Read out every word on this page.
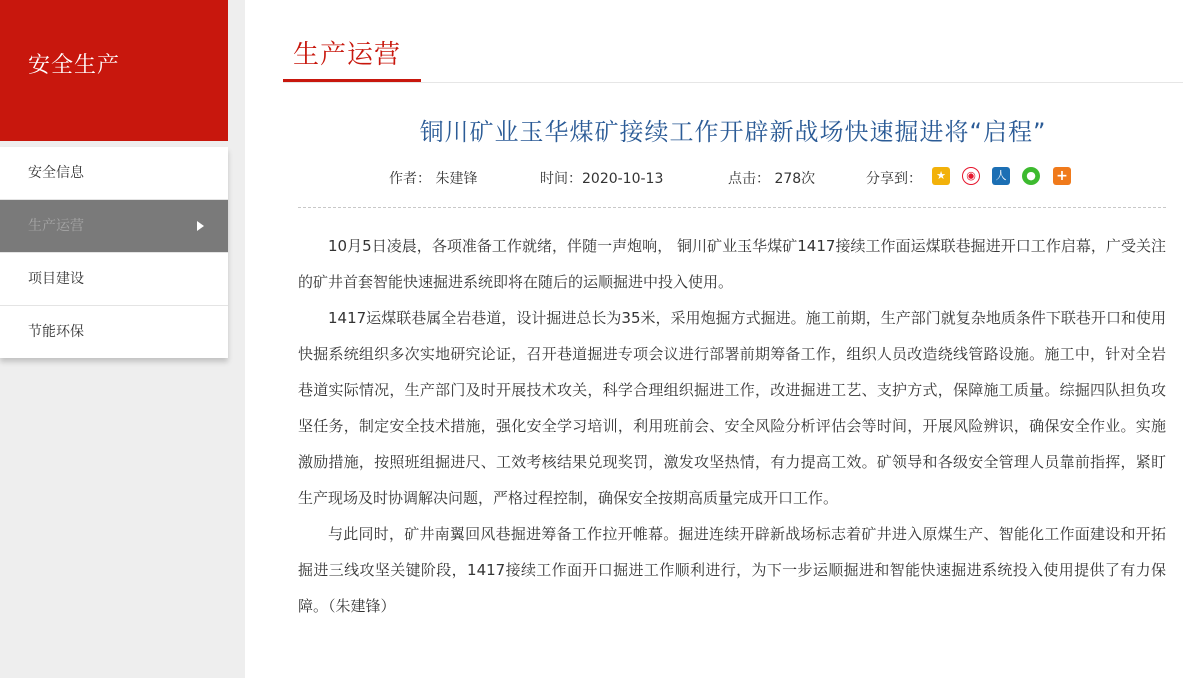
安全生产
安全信息
生产运营
项目建设
节能环保
生产运营
铜川矿业玉华煤矿接续工作开辟新战场快速掘进将“启程”
作者： 朱建锋	时间：2020-10-13	点击： 278次	分享到：	★	◉	人	●	+

10月5日凌晨，各项准备工作就绪，伴随一声炮响， 铜川矿业玉华煤矿1417接续工作面运煤联巷掘进开口工作启幕，广受关注的矿井首套智能快速掘进系统即将在随后的运顺掘进中投入使用。

1417运煤联巷属全岩巷道，设计掘进总长为35米，采用炮掘方式掘进。施工前期，生产部门就复杂地质条件下联巷开口和使用快掘系统组织多次实地研究论证，召开巷道掘进专项会议进行部署前期筹备工作，组织人员改造绕线管路设施。施工中，针对全岩巷道实际情况，生产部门及时开展技术攻关，科学合理组织掘进工作，改进掘进工艺、支护方式，保障施工质量。综掘四队担负攻坚任务，制定安全技术措施，强化安全学习培训，利用班前会、安全风险分析评估会等时间，开展风险辨识，确保安全作业。实施激励措施，按照班组掘进尺、工效考核结果兑现奖罚，激发攻坚热情，有力提高工效。矿领导和各级安全管理人员靠前指挥，紧盯生产现场及时协调解决问题，严格过程控制，确保安全按期高质量完成开口工作。

与此同时，矿井南翼回风巷掘进筹备工作拉开帷幕。掘进连续开辟新战场标志着矿井进入原煤生产、智能化工作面建设和开拓掘进三线攻坚关键阶段，1417接续工作面开口掘进工作顺利进行，为下一步运顺掘进和智能快速掘进系统投入使用提供了有力保障。（朱建锋）
